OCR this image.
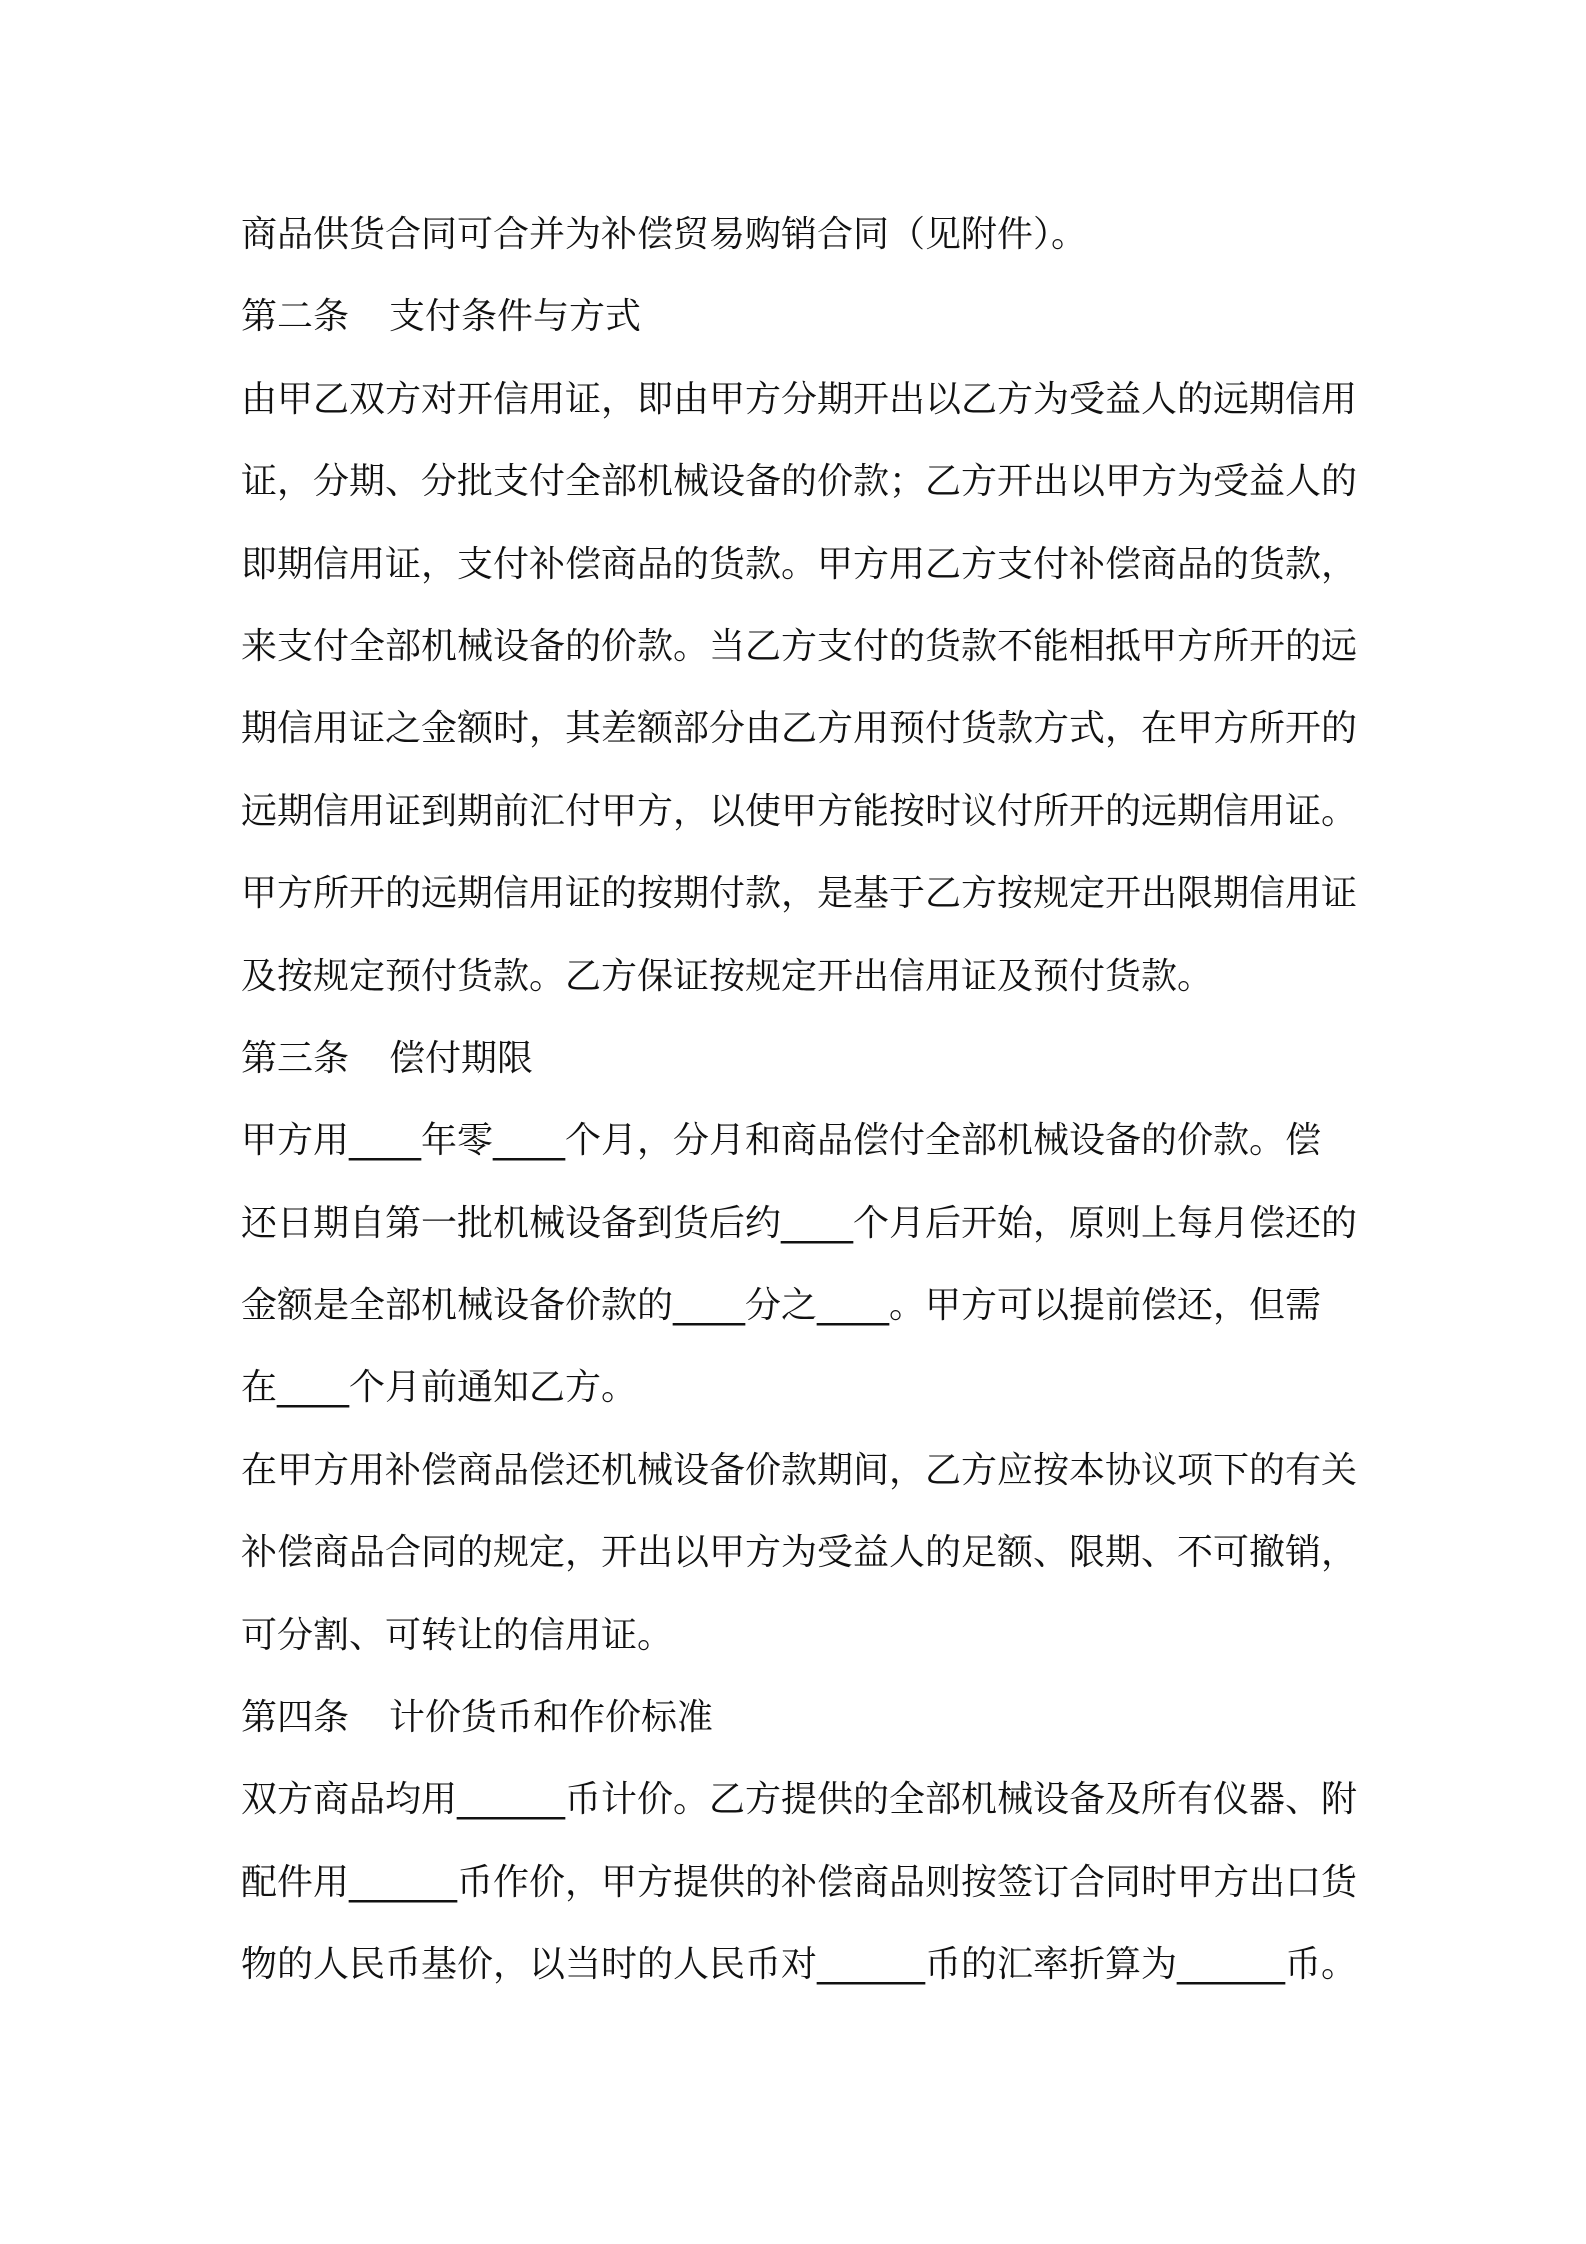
商品供货合同可合并为补偿贸易购销合同（见附件）。
第二条 支付条件与方式
由甲乙双方对开信用证，即由甲方分期开出以乙方为受益人的远期信用
证，分期、分批支付全部机械设备的价款；乙方开出以甲方为受益人的
即期信用证，支付补偿商品的货款。甲方用乙方支付补偿商品的货款，
来支付全部机械设备的价款。当乙方支付的货款不能相抵甲方所开的远
期信用证之金额时，其差额部分由乙方用预付货款方式，在甲方所开的
远期信用证到期前汇付甲方，以使甲方能按时议付所开的远期信用证。
甲方所开的远期信用证的按期付款，是基于乙方按规定开出限期信用证
及按规定预付货款。乙方保证按规定开出信用证及预付货款。
第三条 偿付期限
甲方用____年零____个月，分月和商品偿付全部机械设备的价款。偿
还日期自第一批机械设备到货后约____个月后开始，原则上每月偿还的
金额是全部机械设备价款的____分之____。甲方可以提前偿还，但需
在____个月前通知乙方。
在甲方用补偿商品偿还机械设备价款期间，乙方应按本协议项下的有关
补偿商品合同的规定，开出以甲方为受益人的足额、限期、不可撤销，
可分割、可转让的信用证。
第四条 计价货币和作价标准
双方商品均用______币计价。乙方提供的全部机械设备及所有仪器、附
配件用______币作价，甲方提供的补偿商品则按签订合同时甲方出口货
物的人民币基价，以当时的人民币对______币的汇率折算为______币。
